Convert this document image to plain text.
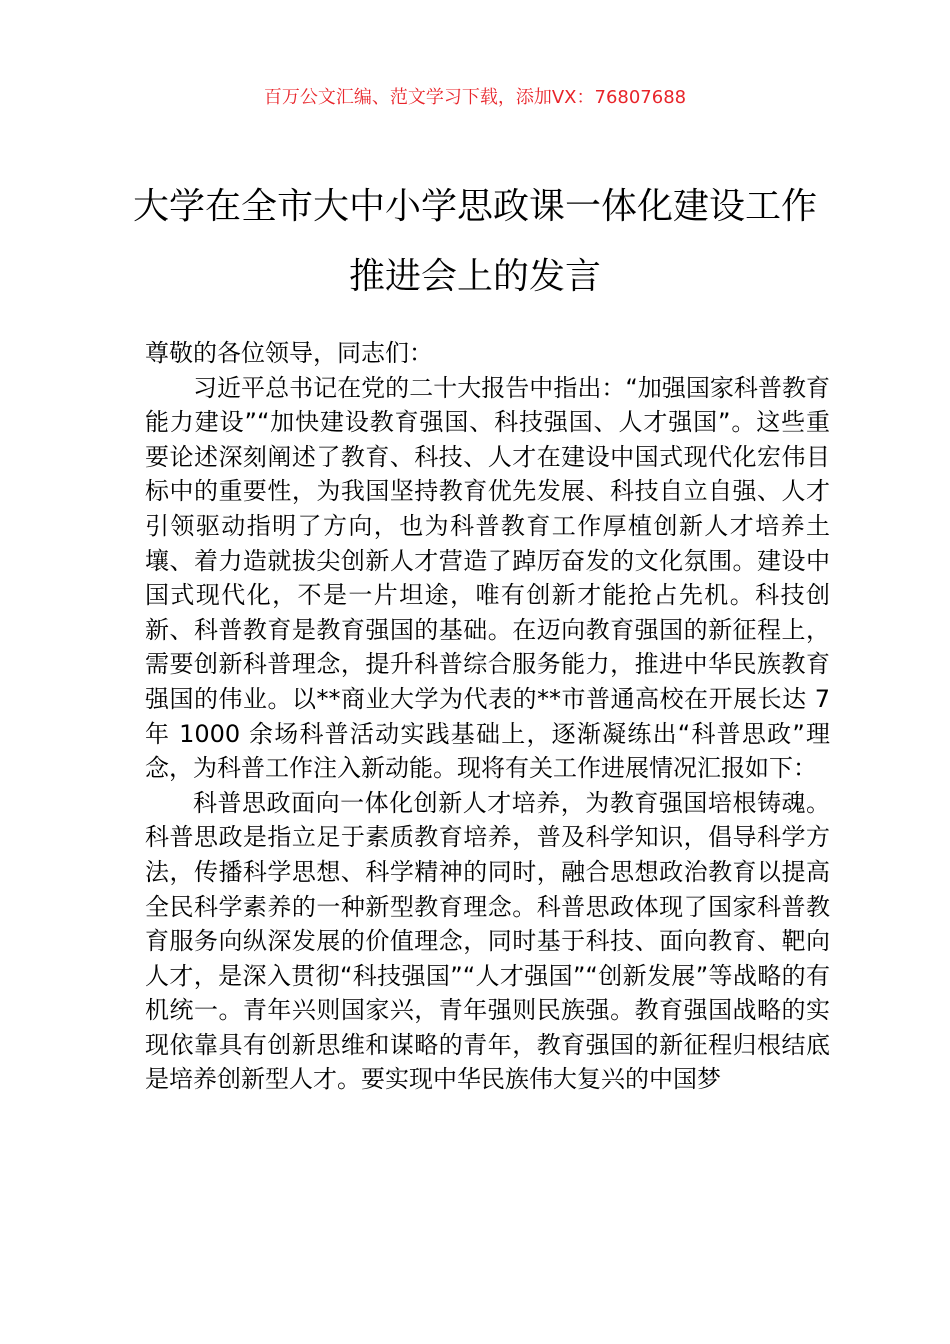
百万公文汇编、范文学习下载，添加VX：76807688
大学在全市大中小学思政课一体化建设工作推进会上的发言

尊敬的各位领导，同志们：

习近平总书记在党的二十大报告中指出：“加强国家科普教育能力建设”“加快建设教育强国、科技强国、人才强国”。这些重要论述深刻阐述了教育、科技、人才在建设中国式现代化宏伟目标中的重要性，为我国坚持教育优先发展、科技自立自强、人才引领驱动指明了方向，也为科普教育工作厚植创新人才培养土壤、着力造就拔尖创新人才营造了踔厉奋发的文化氛围。建设中国式现代化，不是一片坦途，唯有创新才能抢占先机。科技创新、科普教育是教育强国的基础。在迈向教育强国的新征程上，需要创新科普理念，提升科普综合服务能力，推进中华民族教育强国的伟业。以**商业大学为代表的**市普通高校在开展长达 7 年 1000 余场科普活动实践基础上，逐渐凝练出“科普思政”理念，为科普工作注入新动能。现将有关工作进展情况汇报如下：

科普思政面向一体化创新人才培养，为教育强国培根铸魂。科普思政是指立足于素质教育培养，普及科学知识，倡导科学方法，传播科学思想、科学精神的同时，融合思想政治教育以提高全民科学素养的一种新型教育理念。科普思政体现了国家科普教育服务向纵深发展的价值理念，同时基于科技、面向教育、靶向人才，是深入贯彻“科技强国”“人才强国”“创新发展”等战略的有机统一。青年兴则国家兴，青年强则民族强。教育强国战略的实现依靠具有创新思维和谋略的青年，教育强国的新征程归根结底是培养创新型人才。要实现中华民族伟大复兴的中国梦
